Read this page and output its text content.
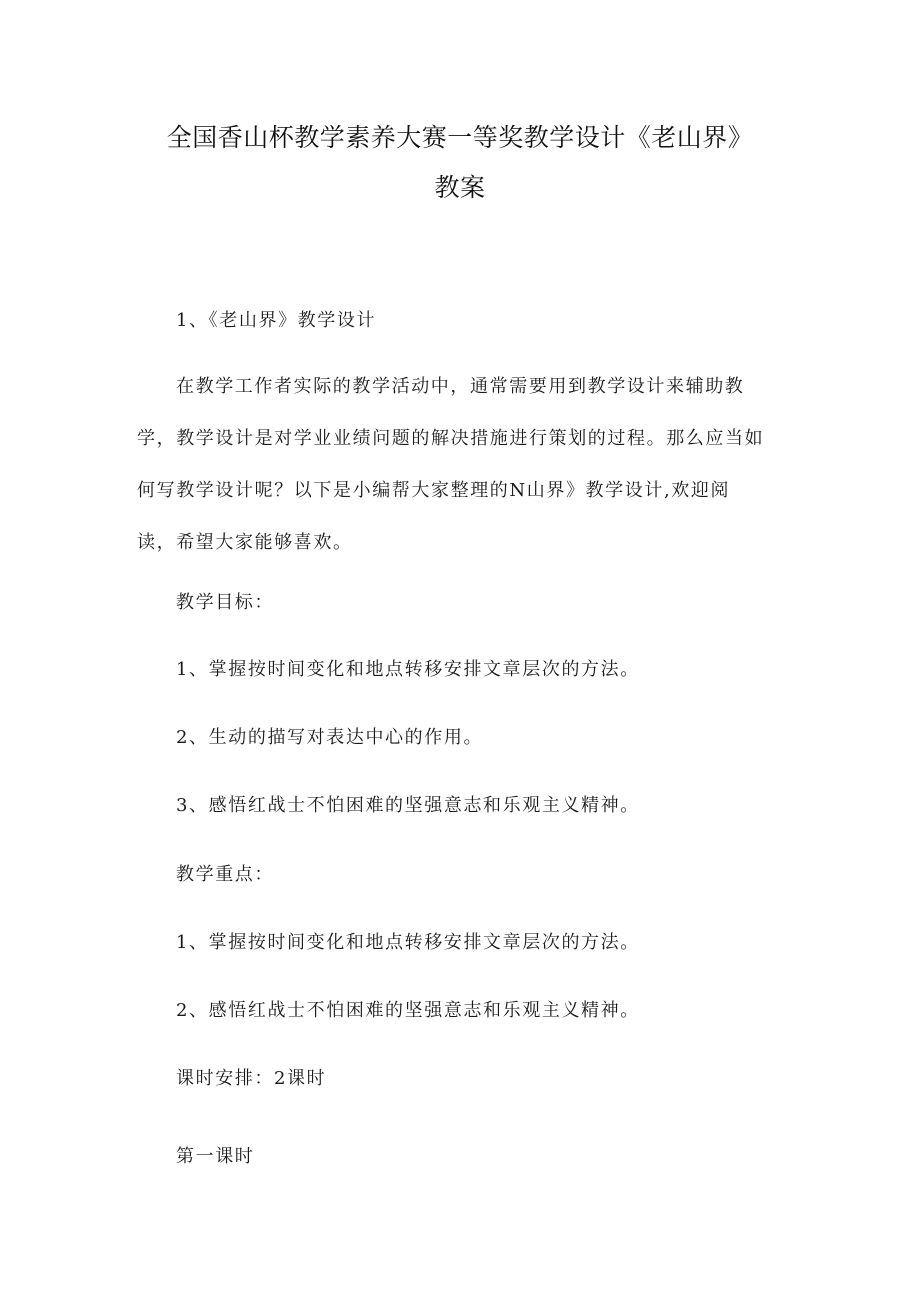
全国香山杯教学素养大赛一等奖教学设计《老山界》
教案
1、《老山界》教学设计
在教学工作者实际的教学活动中，通常需要用到教学设计来辅助教
学，教学设计是对学业业绩问题的解决措施进行策划的过程。那么应当如
何写教学设计呢？以下是小编帮大家整理的N山界》教学设计,欢迎阅
读，希望大家能够喜欢。
教学目标：
1、掌握按时间变化和地点转移安排文章层次的方法。
2、生动的描写对表达中心的作用。
3、感悟红战士不怕困难的坚强意志和乐观主义精神。
教学重点：
1、掌握按时间变化和地点转移安排文章层次的方法。
2、感悟红战士不怕困难的坚强意志和乐观主义精神。
课时安排：2课时
第一课时
